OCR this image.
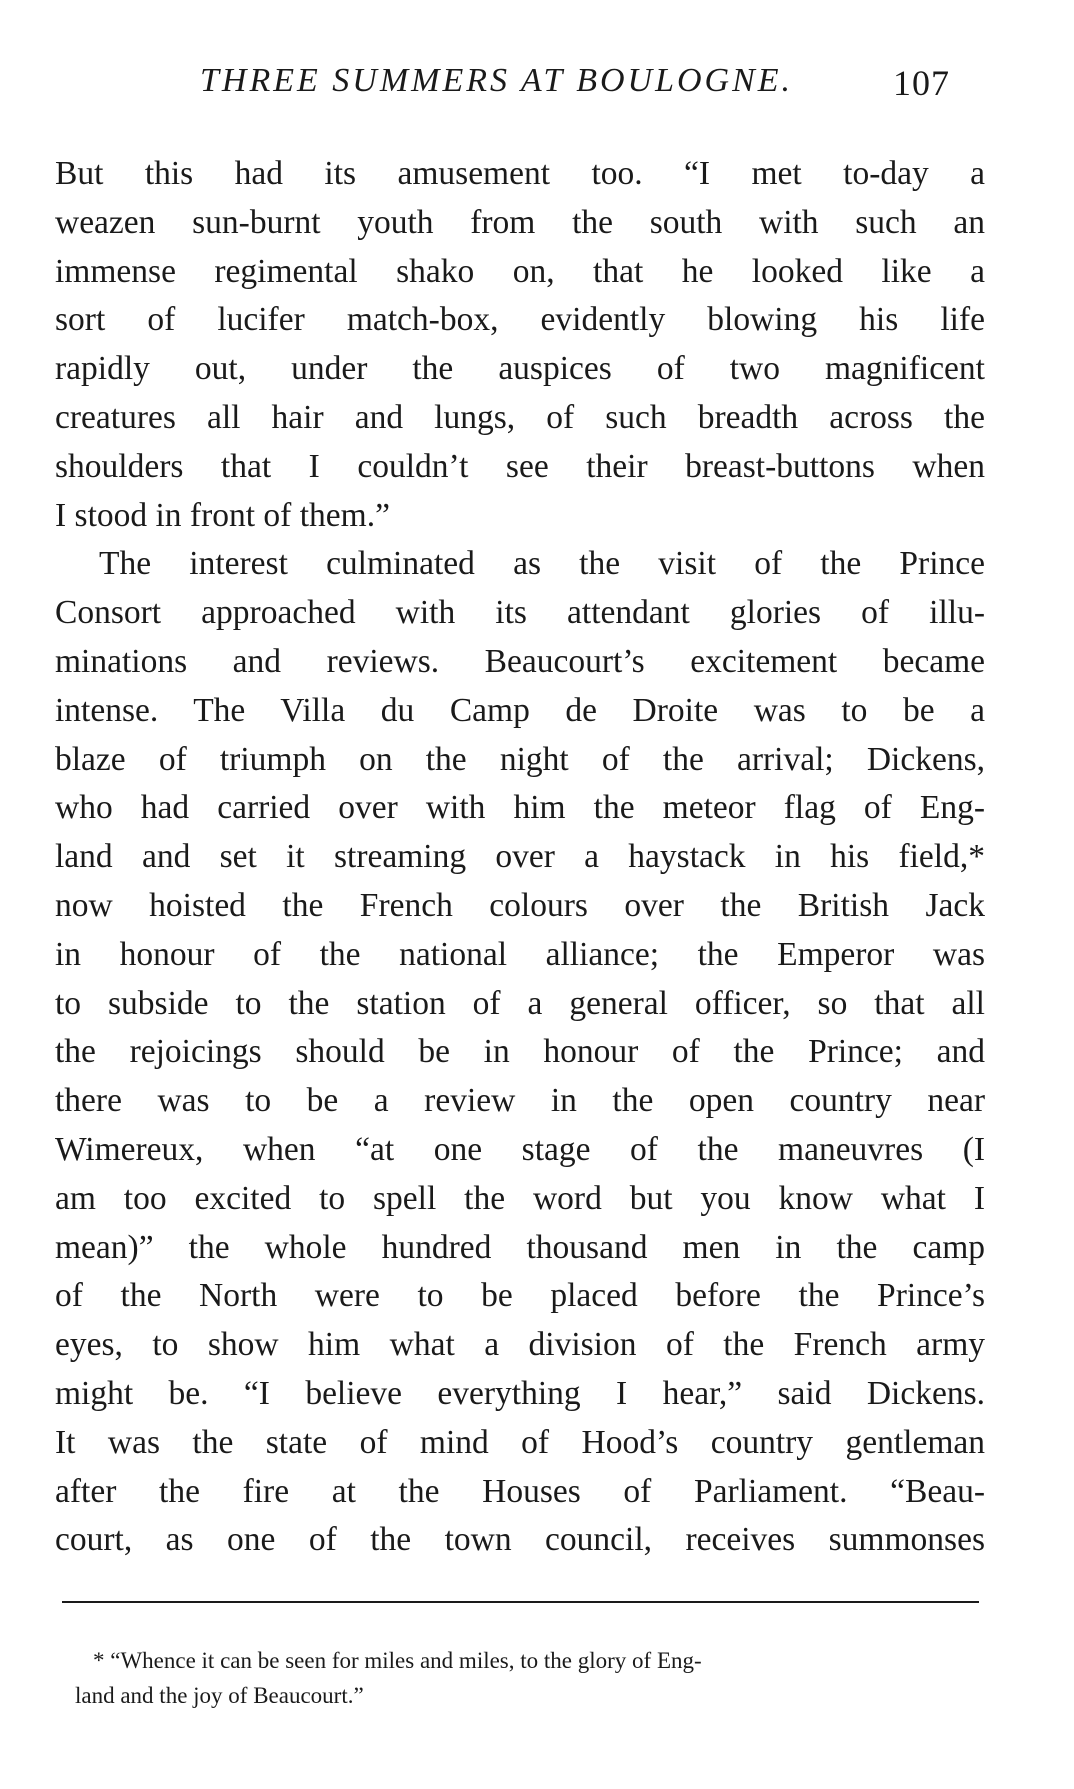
THREE SUMMERS AT BOULOGNE.	107
But this had its amusement too. “I met to-day a
weazen sun-burnt youth from the south with such an
immense regimental shako on, that he looked like a
sort of lucifer match-box, evidently blowing his life
rapidly out, under the auspices of two magnificent
creatures all hair and lungs, of such breadth across the
shoulders that I couldn’t see their breast-buttons when
I stood in front of them.”
The interest culminated as the visit of the Prince
Consort approached with its attendant glories of illu-
minations and reviews. Beaucourt’s excitement became
intense. The Villa du Camp de Droite was to be a
blaze of triumph on the night of the arrival; Dickens,
who had carried over with him the meteor flag of Eng-
land and set it streaming over a haystack in his field,*
now hoisted the French colours over the British Jack
in honour of the national alliance; the Emperor was
to subside to the station of a general officer, so that all
the rejoicings should be in honour of the Prince; and
there was to be a review in the open country near
Wimereux, when “at one stage of the maneuvres (I
am too excited to spell the word but you know what I
mean)” the whole hundred thousand men in the camp
of the North were to be placed before the Prince’s
eyes, to show him what a division of the French army
might be. “I believe everything I hear,” said Dickens.
It was the state of mind of Hood’s country gentleman
after the fire at the Houses of Parliament. “Beau-
court, as one of the town council, receives summonses
* “Whence it can be seen for miles and miles, to the glory of Eng-
land and the joy of Beaucourt.”
